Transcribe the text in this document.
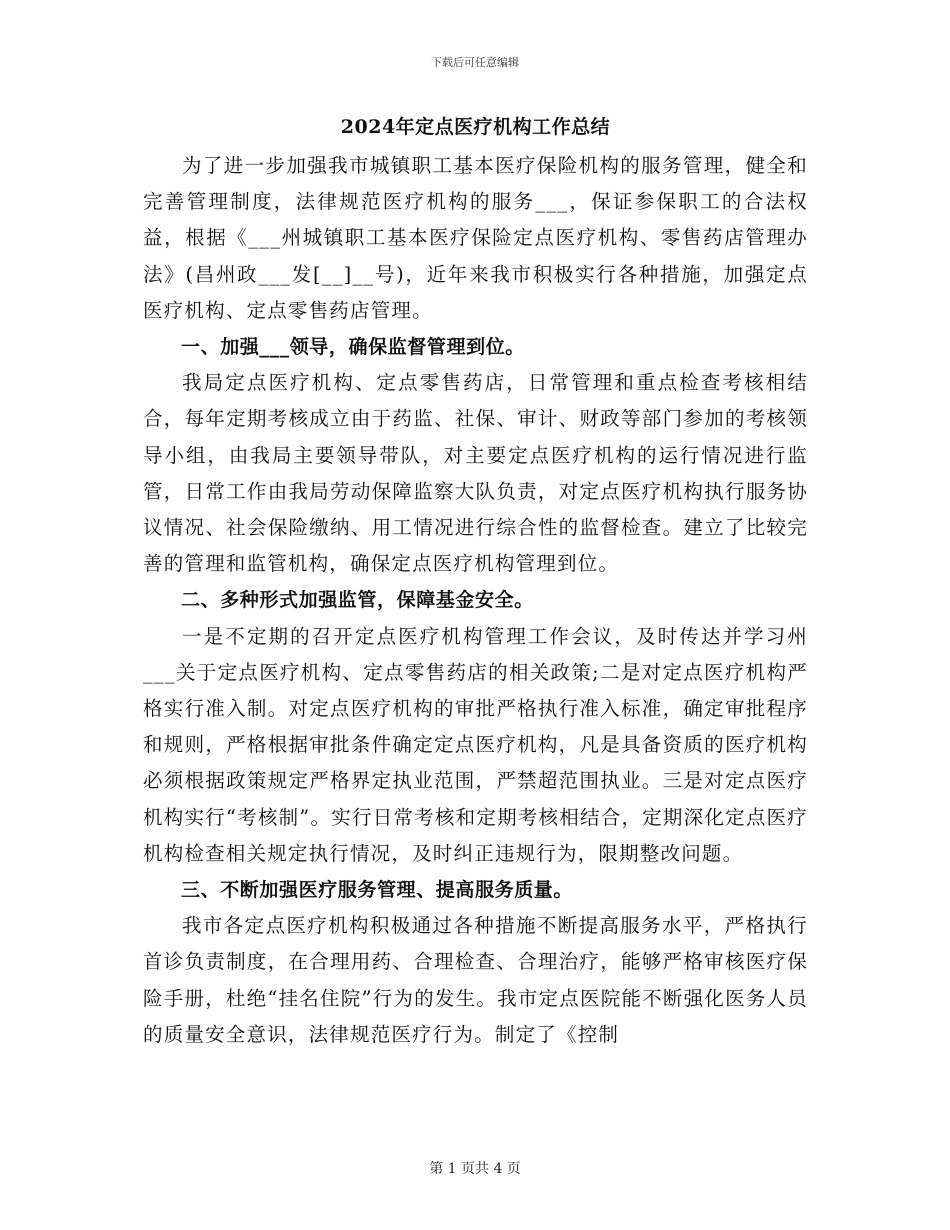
下载后可任意编辑
2024年定点医疗机构工作总结

为了进一步加强我市城镇职工基本医疗保险机构的服务管理，健全和完善管理制度，法律规范医疗机构的服务___，保证参保职工的合法权益，根据《___州城镇职工基本医疗保险定点医疗机构、零售药店管理办法》(昌州政___发[__]__号)，近年来我市积极实行各种措施，加强定点医疗机构、定点零售药店管理。

一、加强___领导，确保监督管理到位。

我局定点医疗机构、定点零售药店，日常管理和重点检查考核相结合，每年定期考核成立由于药监、社保、审计、财政等部门参加的考核领导小组，由我局主要领导带队，对主要定点医疗机构的运行情况进行监管，日常工作由我局劳动保障监察大队负责，对定点医疗机构执行服务协议情况、社会保险缴纳、用工情况进行综合性的监督检查。建立了比较完善的管理和监管机构，确保定点医疗机构管理到位。

二、多种形式加强监管，保障基金安全。

一是不定期的召开定点医疗机构管理工作会议，及时传达并学习州___关于定点医疗机构、定点零售药店的相关政策;二是对定点医疗机构严格实行准入制。对定点医疗机构的审批严格执行准入标准，确定审批程序和规则，严格根据审批条件确定定点医疗机构，凡是具备资质的医疗机构必须根据政策规定严格界定执业范围，严禁超范围执业。三是对定点医疗机构实行“考核制”。实行日常考核和定期考核相结合，定期深化定点医疗机构检查相关规定执行情况，及时纠正违规行为，限期整改问题。

三、不断加强医疗服务管理、提高服务质量。

我市各定点医疗机构积极通过各种措施不断提高服务水平，严格执行首诊负责制度，在合理用药、合理检查、合理治疗，能够严格审核医疗保险手册，杜绝“挂名住院”行为的发生。我市定点医院能不断强化医务人员的质量安全意识，法律规范医疗行为。制定了《控制

第 1 页共 4 页
